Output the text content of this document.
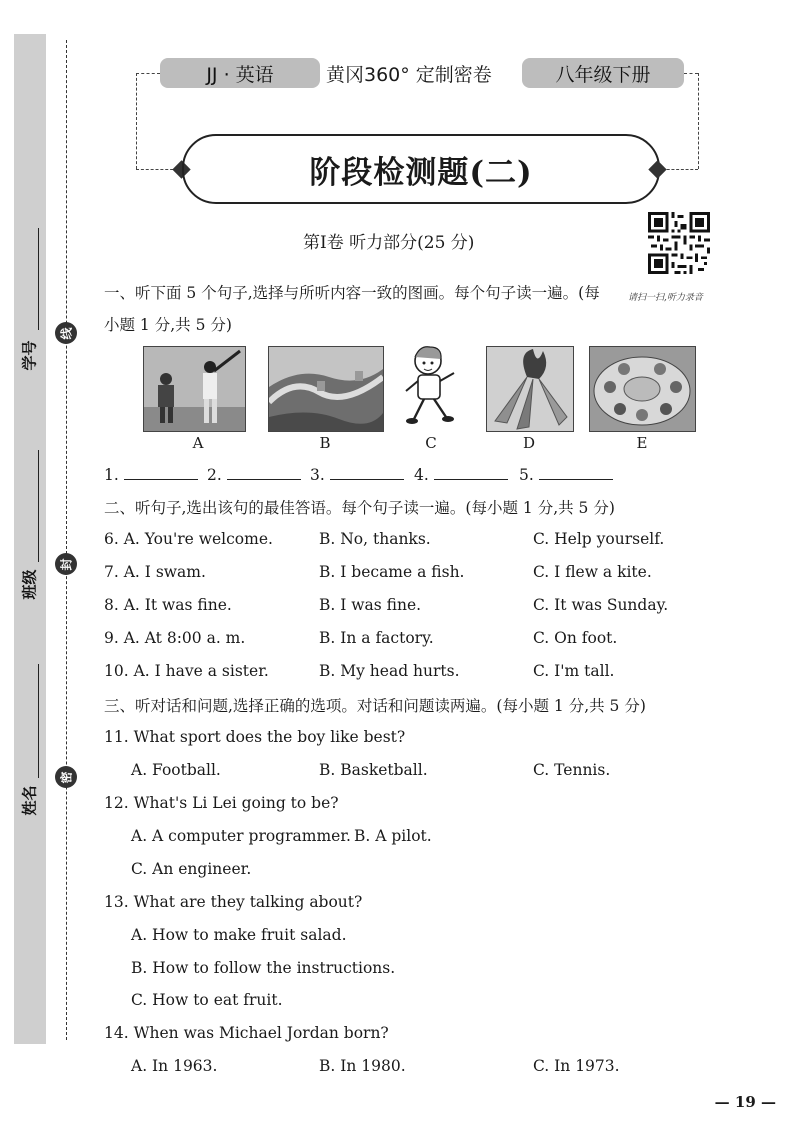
学号
班级
姓名
线
封
密
JJ · 英语	黄冈360° 定制密卷	八年级下册
阶段检测题(二)
第Ⅰ卷 听力部分(25 分)
请扫一扫,听力录音
一、听下面 5 个句子,选择与所听内容一致的图画。每个句子读一遍。(每
小题 1 分,共 5 分)
A	B	C	D	E
1.	2.	3.	4.	5.
二、听句子,选出该句的最佳答语。每个句子读一遍。(每小题 1 分,共 5 分)
6. A. You're welcome.	B. No, thanks.	C. Help yourself.
7. A. I swam.	B. I became a fish.	C. I flew a kite.
8. A. It was fine.	B. I was fine.	C. It was Sunday.
9. A. At 8:00 a. m.	B. In a factory.	C. On foot.
10. A. I have a sister.	B. My head hurts.	C. I'm tall.
三、听对话和问题,选择正确的选项。对话和问题读两遍。(每小题 1 分,共 5 分)
11. What sport does the boy like best?
A. Football.	B. Basketball.	C. Tennis.
12. What's Li Lei going to be?
A. A computer programmer. B. A pilot.
C. An engineer.
13. What are they talking about?
A. How to make fruit salad.
B. How to follow the instructions.
C. How to eat fruit.
14. When was Michael Jordan born?
A. In 1963.	B. In 1980.	C. In 1973.
— 19 —
